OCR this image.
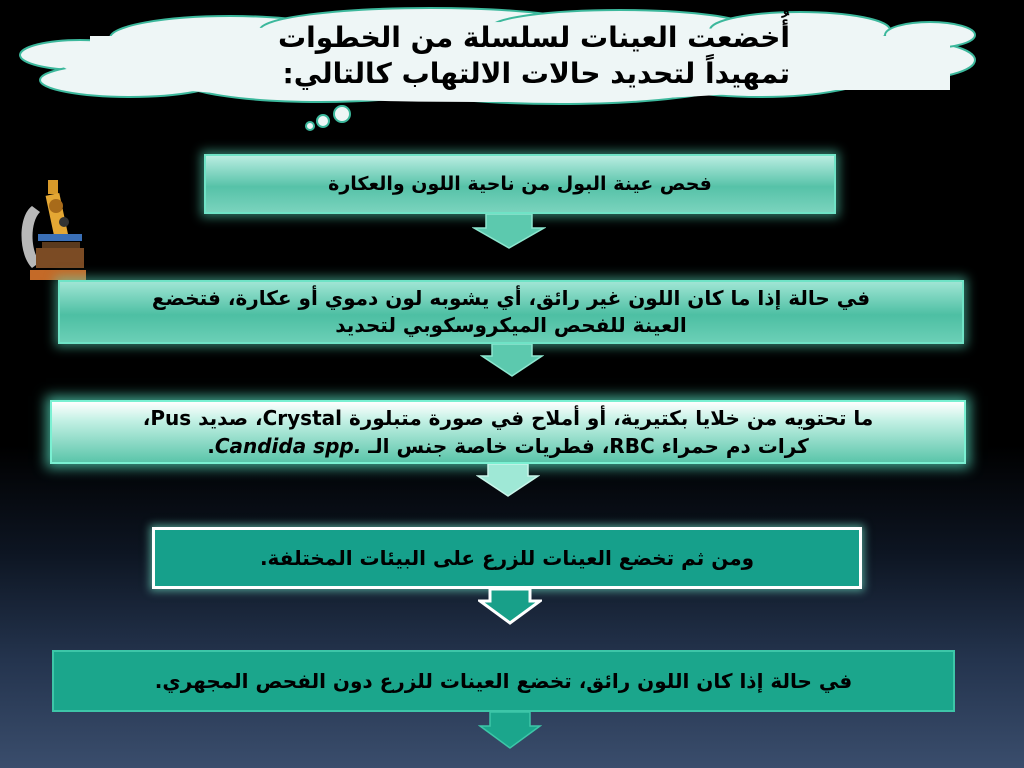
أُخضعت العينات لسلسلة من الخطوات
تمهيداً لتحديد حالات الالتهاب كالتالي:
فحص عينة البول من ناحية اللون والعكارة
في حالة إذا ما كان اللون غير رائق، أي يشوبه لون دموي أو عكارة، فتخضع
العينة للفحص الميكروسكوبي لتحديد
ما تحتويه من خلايا بكتيرية، أو أملاح في صورة متبلورة Crystal، صديد Pus،
كرات دم حمراء RBC، فطريات خاصة جنس الـ Candida spp..
ومن ثم تخضع العينات للزرع على البيئات المختلفة.
في حالة إذا كان اللون رائق، تخضع العينات للزرع دون الفحص المجهري.
